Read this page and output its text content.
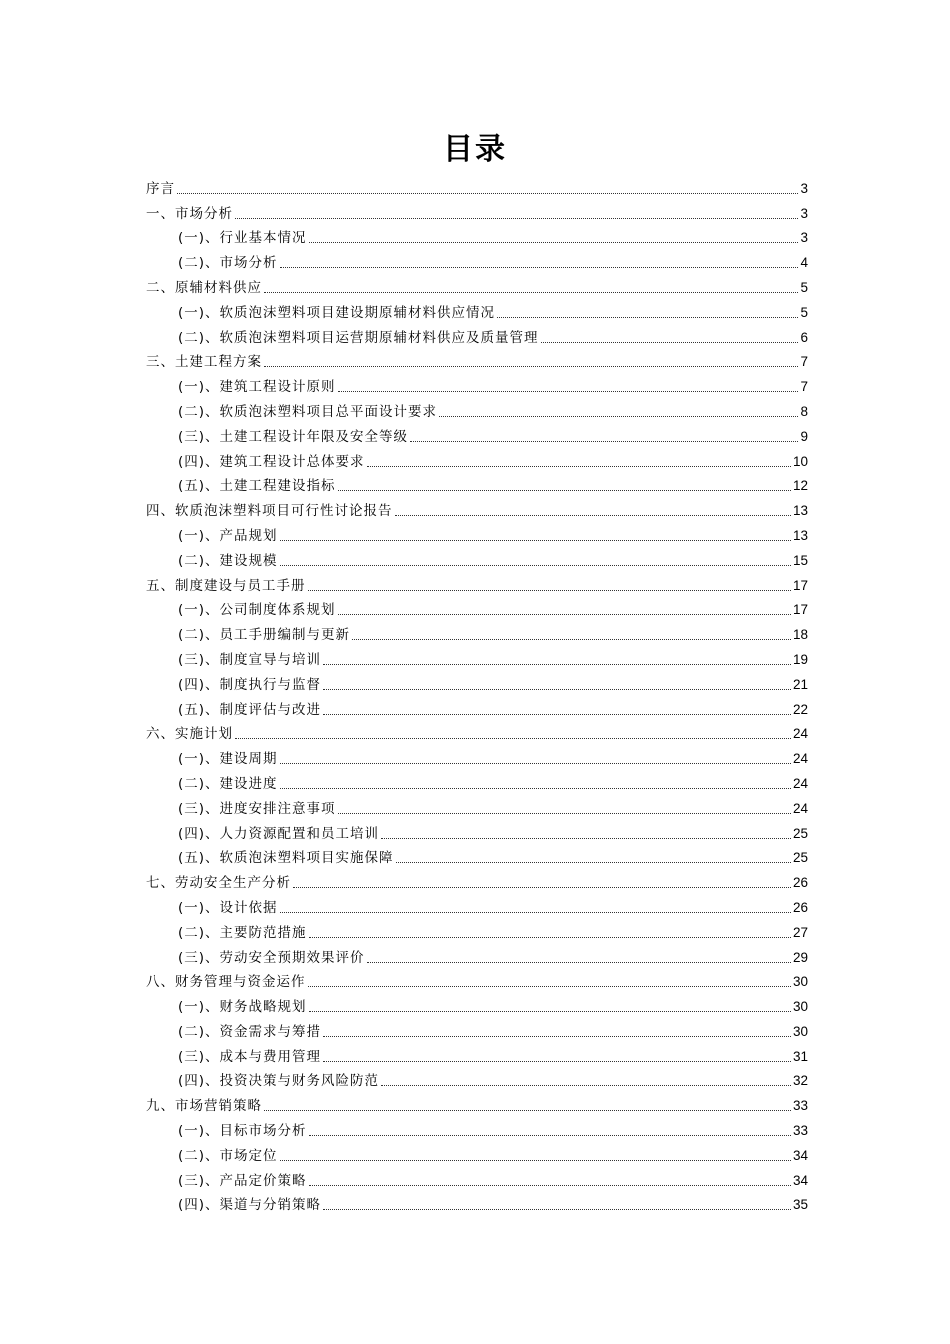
目录
序言	3
一、市场分析	3
(一)、行业基本情况	3
(二)、市场分析	4
二、原辅材料供应	5
(一)、软质泡沫塑料项目建设期原辅材料供应情况	5
(二)、软质泡沫塑料项目运营期原辅材料供应及质量管理	6
三、土建工程方案	7
(一)、建筑工程设计原则	7
(二)、软质泡沫塑料项目总平面设计要求	8
(三)、土建工程设计年限及安全等级	9
(四)、建筑工程设计总体要求	10
(五)、土建工程建设指标	12
四、软质泡沫塑料项目可行性讨论报告	13
(一)、产品规划	13
(二)、建设规模	15
五、制度建设与员工手册	17
(一)、公司制度体系规划	17
(二)、员工手册编制与更新	18
(三)、制度宣导与培训	19
(四)、制度执行与监督	21
(五)、制度评估与改进	22
六、实施计划	24
(一)、建设周期	24
(二)、建设进度	24
(三)、进度安排注意事项	24
(四)、人力资源配置和员工培训	25
(五)、软质泡沫塑料项目实施保障	25
七、劳动安全生产分析	26
(一)、设计依据	26
(二)、主要防范措施	27
(三)、劳动安全预期效果评价	29
八、财务管理与资金运作	30
(一)、财务战略规划	30
(二)、资金需求与筹措	30
(三)、成本与费用管理	31
(四)、投资决策与财务风险防范	32
九、市场营销策略	33
(一)、目标市场分析	33
(二)、市场定位	34
(三)、产品定价策略	34
(四)、渠道与分销策略	35
